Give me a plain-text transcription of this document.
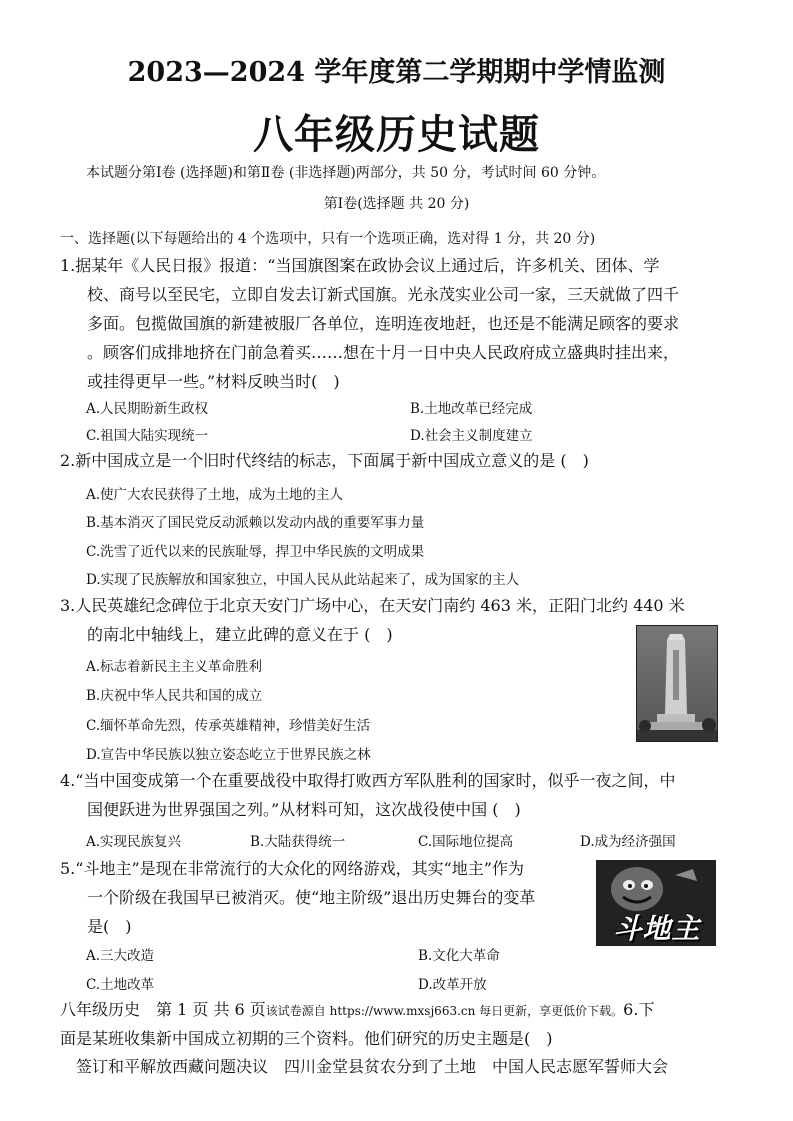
2023—2024 学年度第二学期期中学情监测
八年级历史试题
本试题分第Ⅰ卷 (选择题)和第Ⅱ卷 (非选择题)两部分，共 50 分，考试时间 60 分钟。
第Ⅰ卷(选择题 共 20 分)
一、选择题(以下每题给出的 4 个选项中，只有一个选项正确，选对得 1 分，共 20 分)
1.据某年《人民日报》报道：“当国旗图案在政协会议上通过后，许多机关、团体、学
校、商号以至民宅，立即自发去订新式国旗。光永茂实业公司一家，三天就做了四千
多面。包揽做国旗的新建被服厂各单位，连明连夜地赶，也还是不能满足顾客的要求
。顾客们成排地挤在门前急着买……想在十月一日中央人民政府成立盛典时挂出来，
或挂得更早一些。”材料反映当时(　)
A.人民期盼新生政权	B.土地改革已经完成
C.祖国大陆实现统一	D.社会主义制度建立
2.新中国成立是一个旧时代终结的标志，下面属于新中国成立意义的是 (　)
A.使广大农民获得了土地，成为土地的主人
B.基本消灭了国民党反动派赖以发动内战的重要军事力量
C.洗雪了近代以来的民族耻辱，捍卫中华民族的文明成果
D.实现了民族解放和国家独立，中国人民从此站起来了，成为国家的主人
3.人民英雄纪念碑位于北京天安门广场中心，在天安门南约 463 米，正阳门北约 440 米
的南北中轴线上，建立此碑的意义在于 (　)
A.标志着新民主主义革命胜利
B.庆祝中华人民共和国的成立
C.缅怀革命先烈，传承英雄精神，珍惜美好生活
D.宣告中华民族以独立姿态屹立于世界民族之林
4.“当中国变成第一个在重要战役中取得打败西方军队胜利的国家时，似乎一夜之间，中
国便跃进为世界强国之列。”从材料可知，这次战役使中国 (　)
A.实现民族复兴	B.大陆获得统一	C.国际地位提高	D.成为经济强国
5.“斗地主”是现在非常流行的大众化的网络游戏，其实“地主”作为
一个阶级在我国早已被消灭。使“地主阶级”退出历史舞台的变革
是(　)
A.三大改造	B.文化大革命
C.土地改革	D.改革开放
斗地主
八年级历史　第 1 页 共 6 页该试卷源自 https://www.mxsj663.cn 每日更新，享更低价下载。6.下
面是某班收集新中国成立初期的三个资料。他们研究的历史主题是(　)
签订和平解放西藏问题决议　四川金堂县贫农分到了土地　中国人民志愿军誓师大会
